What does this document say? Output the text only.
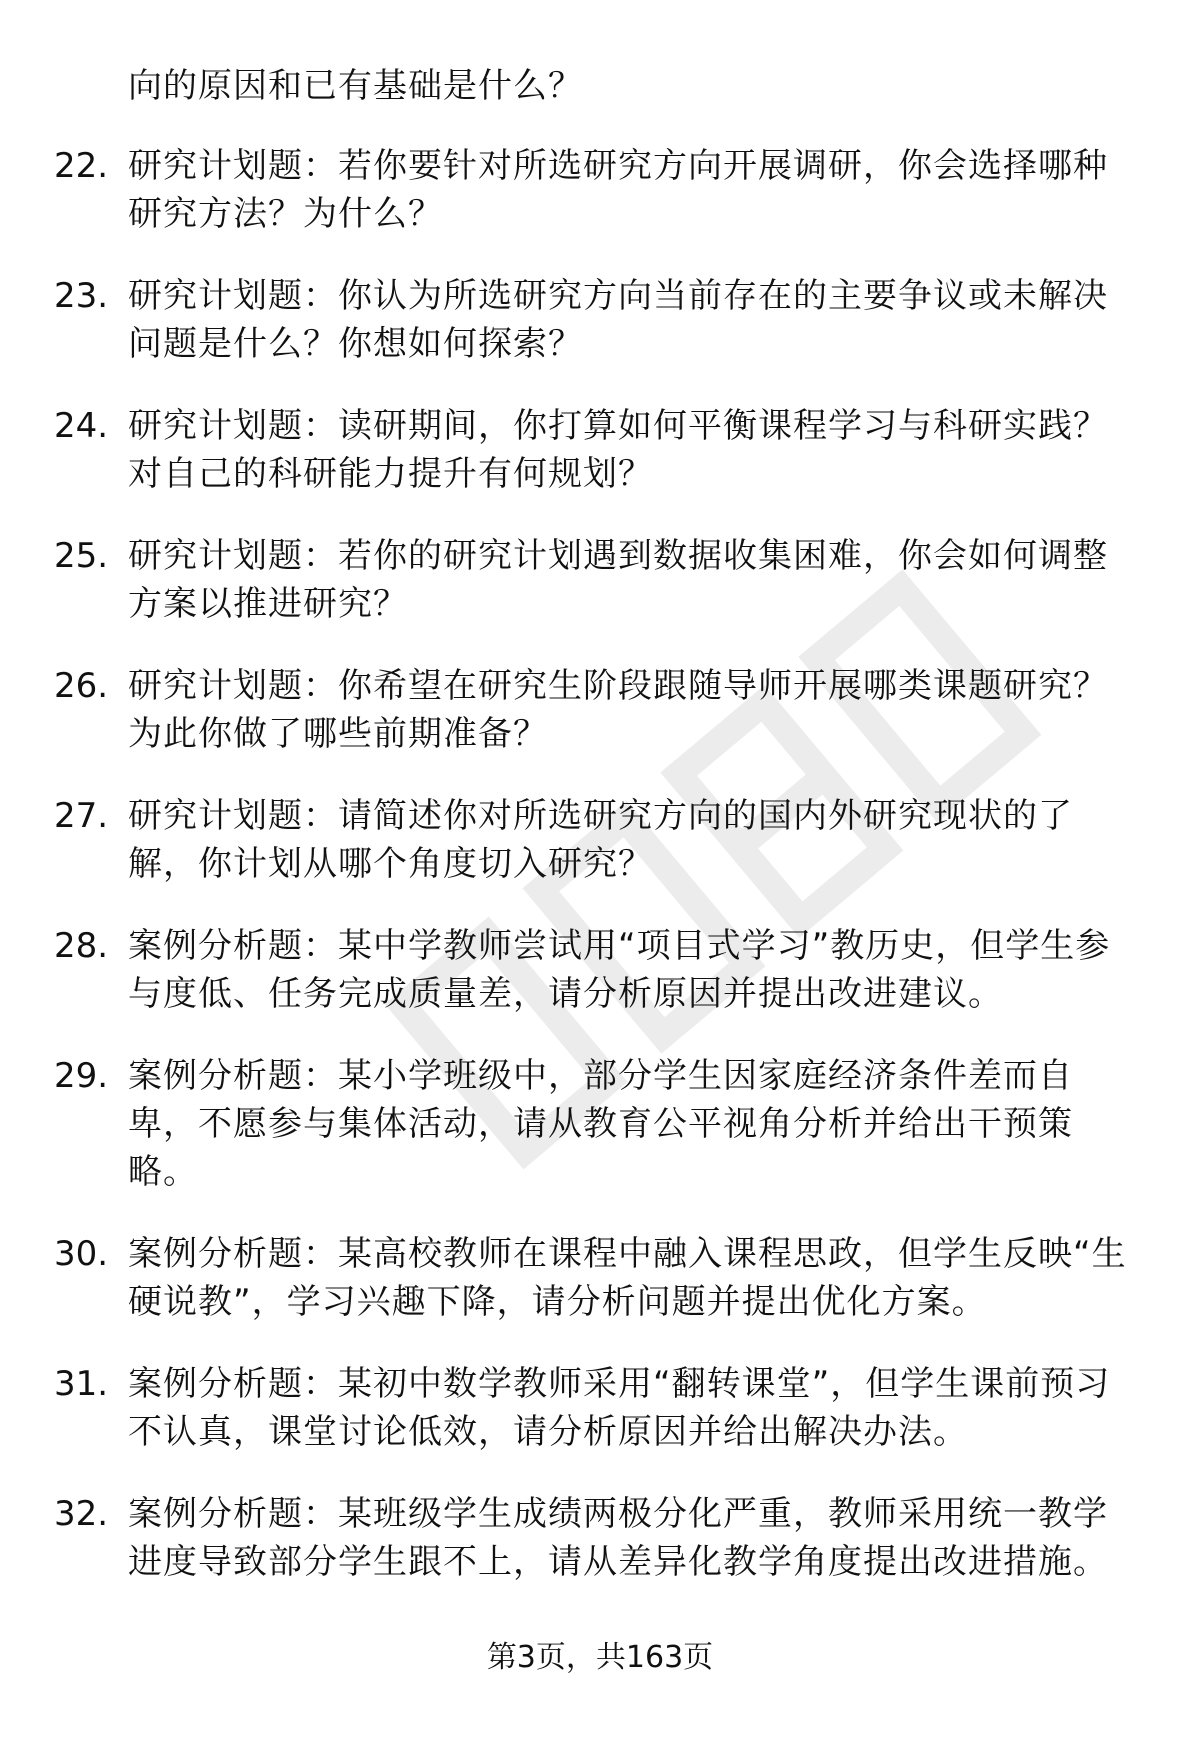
向的原因和已有基础是什么？
22. 研究计划题：若你要针对所选研究方向开展调研，你会选择哪种研究方法？为什么？
23. 研究计划题：你认为所选研究方向当前存在的主要争议或未解决问题是什么？你想如何探索？
24. 研究计划题：读研期间，你打算如何平衡课程学习与科研实践？对自己的科研能力提升有何规划？
25. 研究计划题：若你的研究计划遇到数据收集困难，你会如何调整方案以推进研究？
26. 研究计划题：你希望在研究生阶段跟随导师开展哪类课题研究？为此你做了哪些前期准备？
27. 研究计划题：请简述你对所选研究方向的国内外研究现状的了解，你计划从哪个角度切入研究？
28. 案例分析题：某中学教师尝试用“项目式学习”教历史，但学生参与度低、任务完成质量差，请分析原因并提出改进建议。
29. 案例分析题：某小学班级中，部分学生因家庭经济条件差而自卑，不愿参与集体活动，请从教育公平视角分析并给出干预策略。
30. 案例分析题：某高校教师在课程中融入课程思政，但学生反映“生硬说教”，学习兴趣下降，请分析问题并提出优化方案。
31. 案例分析题：某初中数学教师采用“翻转课堂”，但学生课前预习不认真，课堂讨论低效，请分析原因并给出解决办法。
32. 案例分析题：某班级学生成绩两极分化严重，教师采用统一教学进度导致部分学生跟不上，请从差异化教学角度提出改进措施。
第3页，共163页
